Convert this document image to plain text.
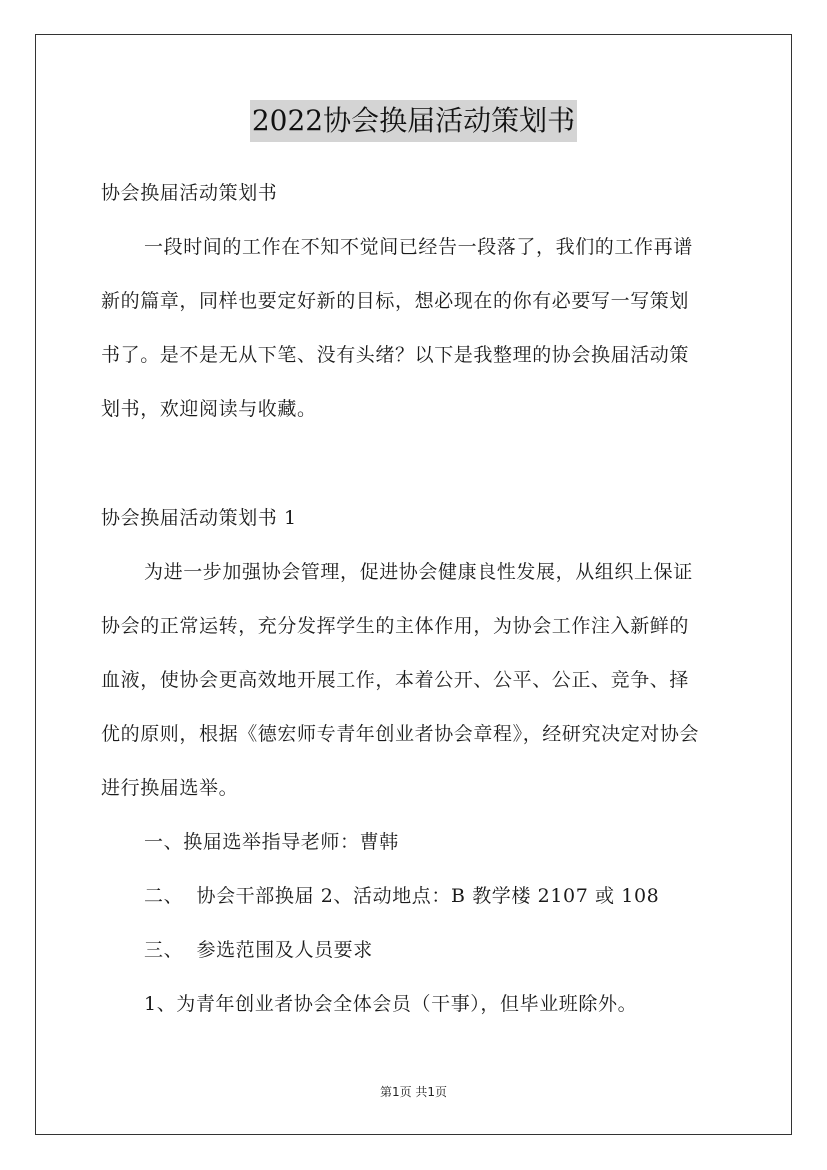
2022协会换届活动策划书
协会换届活动策划书
一段时间的工作在不知不觉间已经告一段落了，我们的工作再谱
新的篇章，同样也要定好新的目标，想必现在的你有必要写一写策划
书了。是不是无从下笔、没有头绪？以下是我整理的协会换届活动策
划书，欢迎阅读与收藏。
协会换届活动策划书 1
为进一步加强协会管理，促进协会健康良性发展，从组织上保证
协会的正常运转，充分发挥学生的主体作用，为协会工作注入新鲜的
血液，使协会更高效地开展工作，本着公开、公平、公正、竞争、择
优的原则，根据《德宏师专青年创业者协会章程》，经研究决定对协会
进行换届选举。
一、换届选举指导老师：曹韩
二、  协会干部换届 2、活动地点：B 教学楼 2107 或 108
三、  参选范围及人员要求
1、为青年创业者协会全体会员（干事），但毕业班除外。
第1页 共1页
